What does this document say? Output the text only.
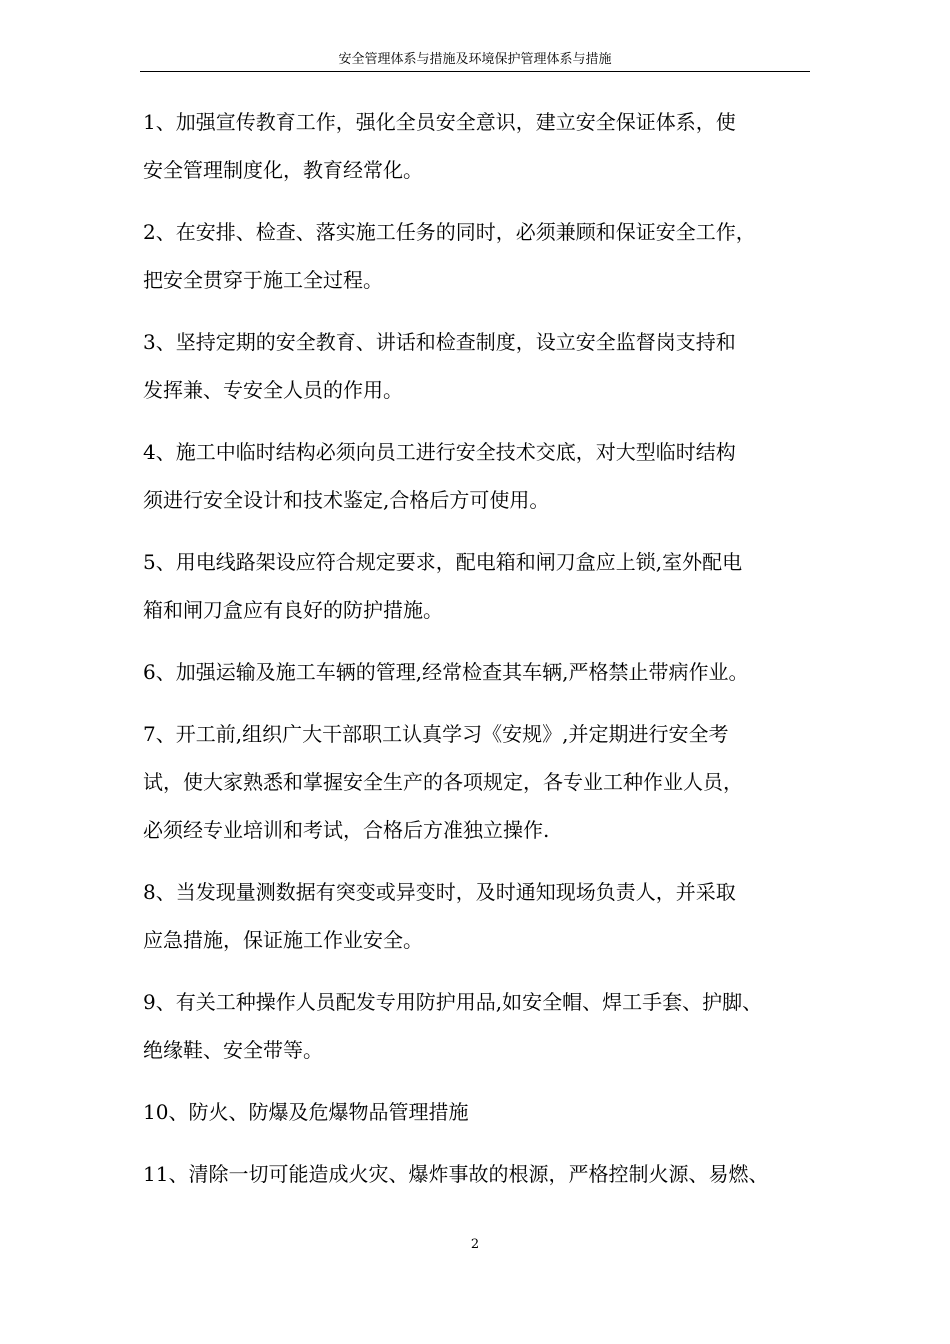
安全管理体系与措施及环境保护管理体系与措施

1、加强宣传教育工作，强化全员安全意识，建立安全保证体系，使
安全管理制度化，教育经常化。

2、在安排、检查、落实施工任务的同时，必须兼顾和保证安全工作，
把安全贯穿于施工全过程。

3、坚持定期的安全教育、讲话和检查制度，设立安全监督岗支持和
发挥兼、专安全人员的作用。

4、施工中临时结构必须向员工进行安全技术交底，对大型临时结构
须进行安全设计和技术鉴定,合格后方可使用。

5、用电线路架设应符合规定要求，配电箱和闸刀盒应上锁,室外配电
箱和闸刀盒应有良好的防护措施。

6、加强运输及施工车辆的管理,经常检查其车辆,严格禁止带病作业。

7、开工前,组织广大干部职工认真学习《安规》,并定期进行安全考
试，使大家熟悉和掌握安全生产的各项规定，各专业工种作业人员，
必须经专业培训和考试，合格后方准独立操作.

8、当发现量测数据有突变或异变时，及时通知现场负责人，并采取
应急措施，保证施工作业安全。

9、有关工种操作人员配发专用防护用品,如安全帽、焊工手套、护脚、
绝缘鞋、安全带等。

10、防火、防爆及危爆物品管理措施

11、清除一切可能造成火灾、爆炸事故的根源，严格控制火源、易燃、

2
